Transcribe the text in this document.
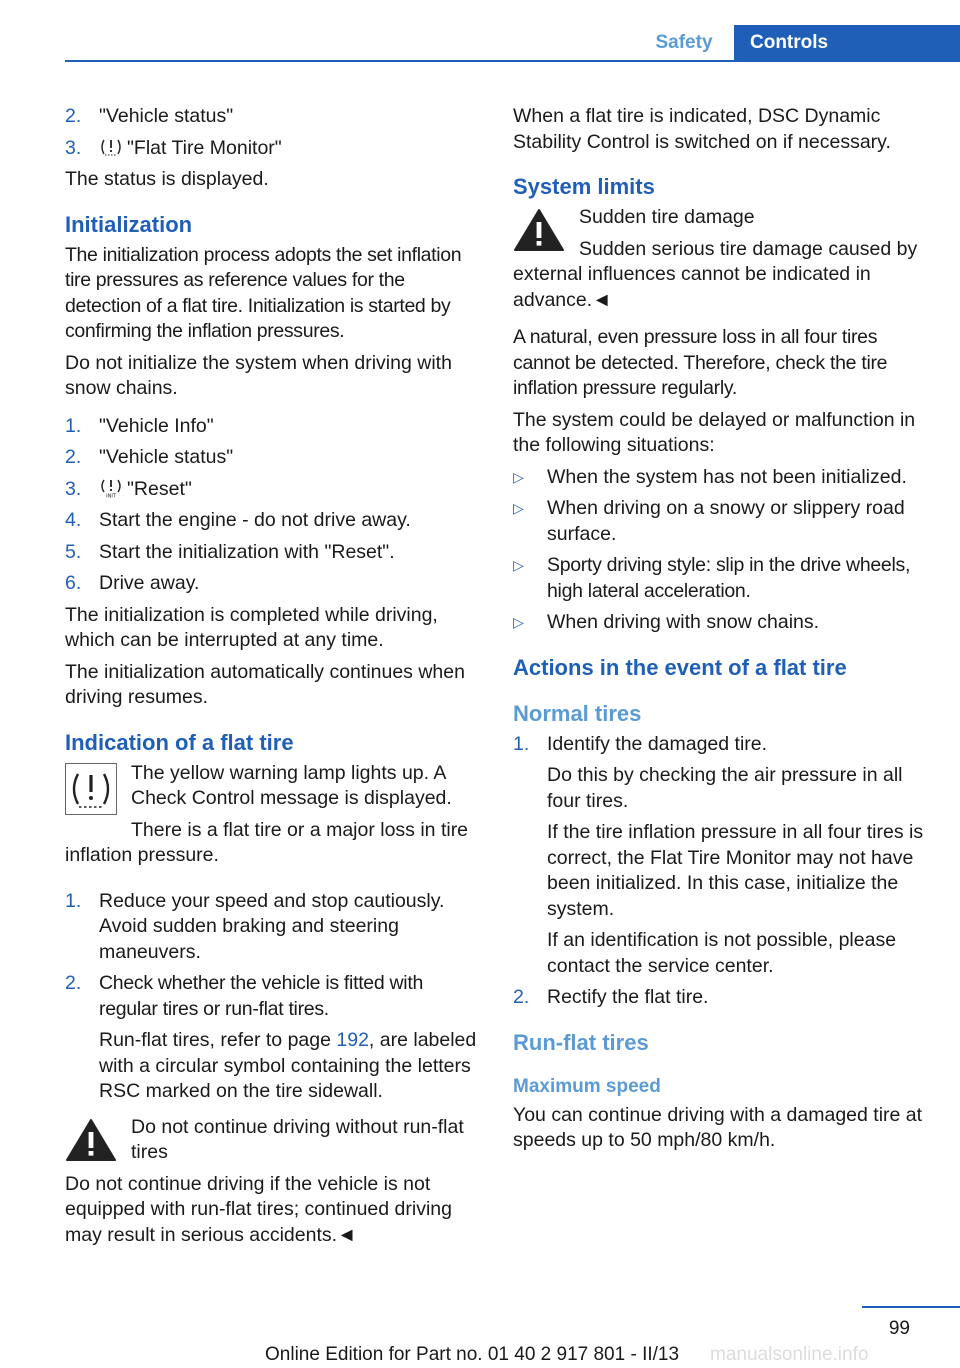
Safety	Controls
2. "Vehicle status"
3.	"Flat Tire Monitor"

The status is displayed.

Initialization

The initialization process adopts the set inflation tire pressures as reference values for the detection of a flat tire. Initialization is started by confirming the inflation pressures.

Do not initialize the system when driving with snow chains.

1. "Vehicle Info"
2. "Vehicle status"
3.	INIT "Reset"
4. Start the engine - do not drive away.
5. Start the initialization with "Reset".
6. Drive away.

The initialization is completed while driving, which can be interrupted at any time.

The initialization automatically continues when driving resumes.

Indication of a flat tire

The yellow warning lamp lights up. A Check Control message is displayed.

There is a flat tire or a major loss in tire inflation pressure.

1. Reduce your speed and stop cautiously. Avoid sudden braking and steering maneuvers.
2. Check whether the vehicle is fitted with regular tires or run-flat tires.

Run-flat tires, refer to page 192, are labeled with a circular symbol containing the letters RSC marked on the tire sidewall.

Do not continue driving without run-flat tires

Do not continue driving if the vehicle is not equipped with run-flat tires; continued driving may result in serious accidents.◄

When a flat tire is indicated, DSC Dynamic Stability Control is switched on if necessary.

System limits

Sudden tire damage

Sudden serious tire damage caused by external influences cannot be indicated in advance.◄

A natural, even pressure loss in all four tires cannot be detected. Therefore, check the tire inflation pressure regularly.

The system could be delayed or malfunction in the following situations:

▷	When the system has not been initialized.
▷	When driving on a snowy or slippery road surface.
▷	Sporty driving style: slip in the drive wheels, high lateral acceleration.
▷	When driving with snow chains.
Actions in the event of a flat tire
Normal tires
1. Identify the damaged tire.

Do this by checking the air pressure in all four tires.

If the tire inflation pressure in all four tires is correct, the Flat Tire Monitor may not have been initialized. In this case, initialize the system.

If an identification is not possible, please contact the service center.

2. Rectify the flat tire.
Run-flat tires
Maximum speed

You can continue driving with a damaged tire at speeds up to 50 mph/80 km/h.

99
Online Edition for Part no. 01 40 2 917 801 - II/13 manualsonline.info
